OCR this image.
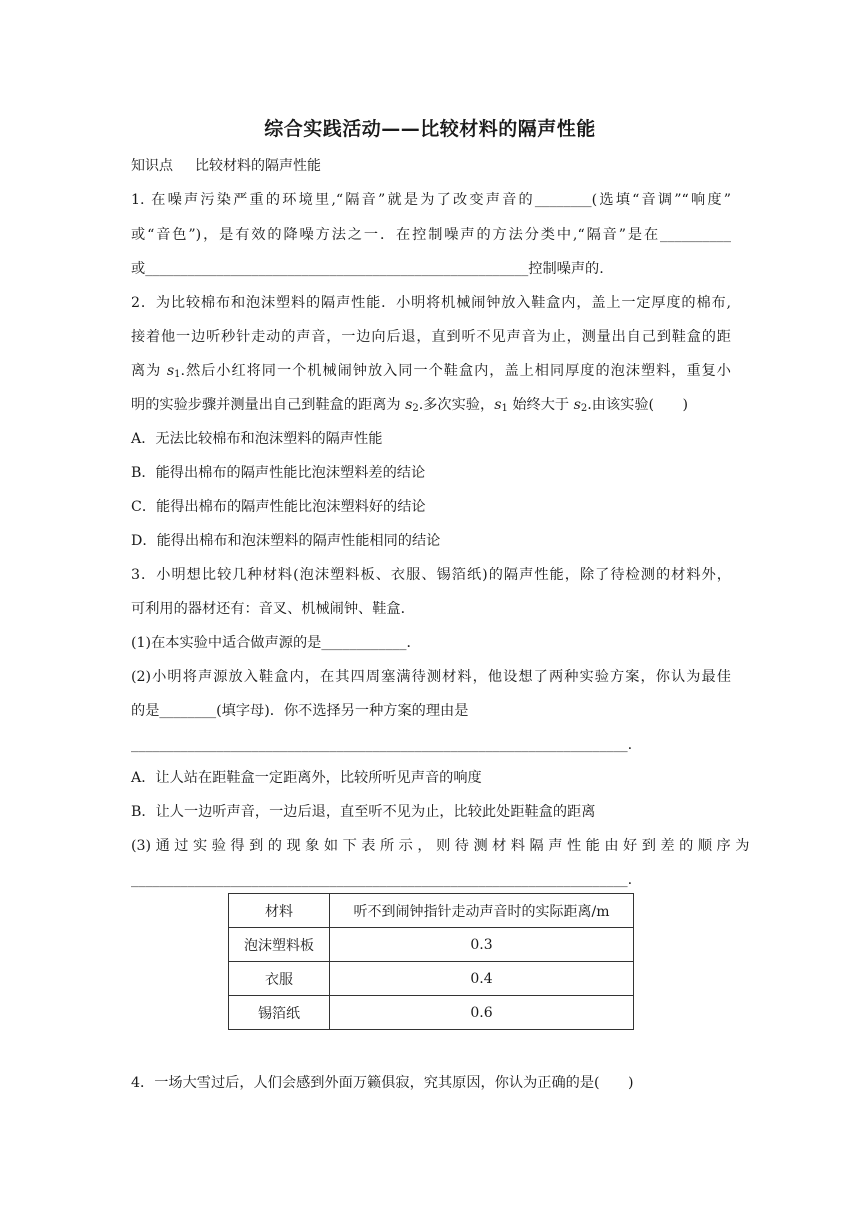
综合实践活动——比较材料的隔声性能
知识点 比较材料的隔声性能
1. 在噪声污染严重的环境里,“隔音”就是为了改变声音的________(选填“音调”“响度”
或“音色”)，是有效的降噪方法之一．在控制噪声的方法分类中,“隔音”是在__________
或______________________________________________________控制噪声的.
2．为比较棉布和泡沫塑料的隔声性能．小明将机械闹钟放入鞋盒内，盖上一定厚度的棉布,
接着他一边听秒针走动的声音，一边向后退，直到听不见声音为止，测量出自己到鞋盒的距
离为 $s_1$.然后小红将同一个机械闹钟放入同一个鞋盒内，盖上相同厚度的泡沫塑料，重复小
明的实验步骤并测量出自己到鞋盒的距离为 $s_2$.多次实验，$s_1$ 始终大于 $s_2$.由该实验(　　)
A．无法比较棉布和泡沫塑料的隔声性能
B．能得出棉布的隔声性能比泡沫塑料差的结论
C．能得出棉布的隔声性能比泡沫塑料好的结论
D．能得出棉布和泡沫塑料的隔声性能相同的结论
3．小明想比较几种材料(泡沫塑料板、衣服、锡箔纸)的隔声性能，除了待检测的材料外，
可利用的器材还有：音叉、机械闹钟、鞋盒．
(1)在本实验中适合做声源的是____________．
(2)小明将声源放入鞋盒内，在其四周塞满待测材料，他设想了两种实验方案，你认为最佳
的是________(填字母)．你不选择另一种方案的理由是
______________________________________________________________________.
A．让人站在距鞋盒一定距离外，比较所听见声音的响度
B．让人一边听声音，一边后退，直至听不见为止，比较此处距鞋盒的距离
(3) 通 过 实 验 得 到 的 现 象 如 下 表 所 示 ， 则 待 测 材 料 隔 声 性 能 由 好 到 差 的 顺 序 为
______________________________________________________________________.
材料	听不到闹钟指针走动声音时的实际距离/m
泡沫塑料板	0.3
衣服	0.4
锡箔纸	0.6
4．一场大雪过后，人们会感到外面万籁俱寂，究其原因，你认为正确的是(　　)
